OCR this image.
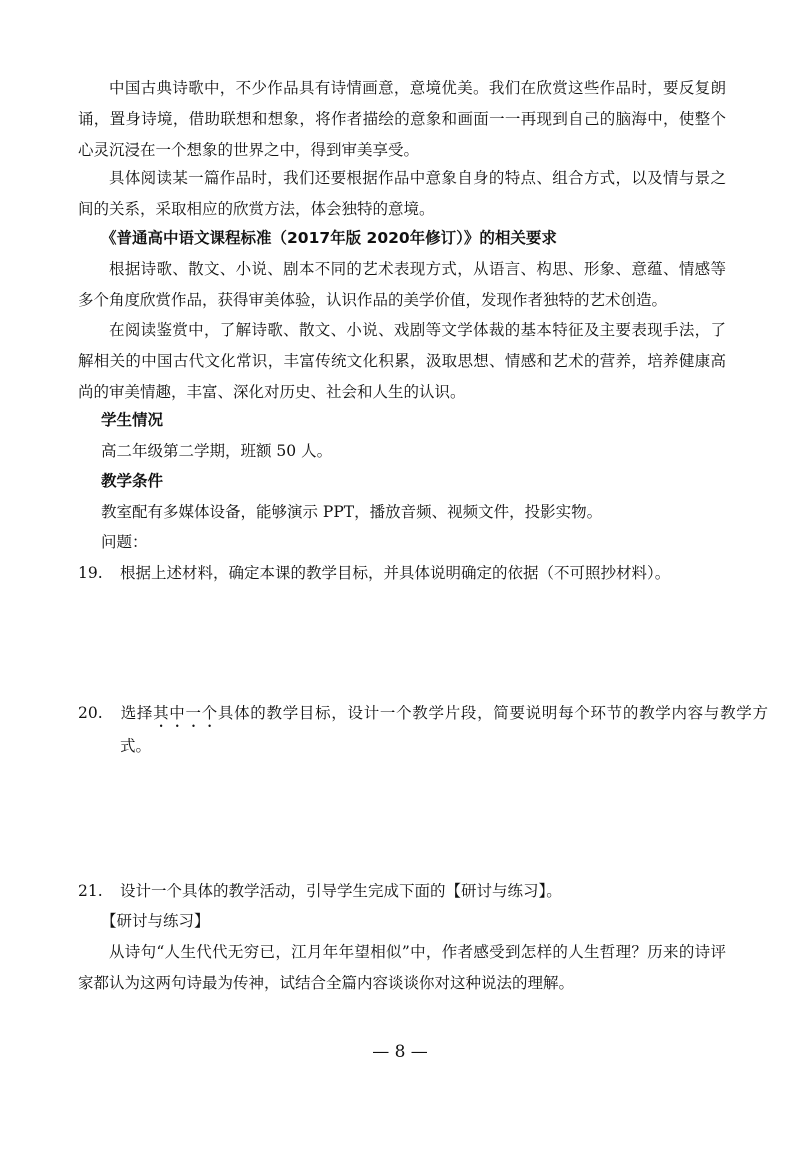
中国古典诗歌中，不少作品具有诗情画意，意境优美。我们在欣赏这些作品时，要反复朗诵，置身诗境，借助联想和想象，将作者描绘的意象和画面一一再现到自己的脑海中，使整个心灵沉浸在一个想象的世界之中，得到审美享受。

具体阅读某一篇作品时，我们还要根据作品中意象自身的特点、组合方式，以及情与景之间的关系，采取相应的欣赏方法，体会独特的意境。

《普通高中语文课程标准（2017年版 2020年修订）》的相关要求

根据诗歌、散文、小说、剧本不同的艺术表现方式，从语言、构思、形象、意蕴、情感等多个角度欣赏作品，获得审美体验，认识作品的美学价值，发现作者独特的艺术创造。

在阅读鉴赏中，了解诗歌、散文、小说、戏剧等文学体裁的基本特征及主要表现手法，了解相关的中国古代文化常识，丰富传统文化积累，汲取思想、情感和艺术的营养，培养健康高尚的审美情趣，丰富、深化对历史、社会和人生的认识。

学生情况

高二年级第二学期，班额 50 人。

教学条件

教室配有多媒体设备，能够演示 PPT，播放音频、视频文件，投影实物。

问题：

19. 根据上述材料，确定本课的教学目标，并具体说明确定的依据（不可照抄材料）。

20. 选择其中一个具体的教学目标，设计一个教学片段，简要说明每个环节的教学内容与教学方式。

21. 设计一个具体的教学活动，引导学生完成下面的【研讨与练习】。

【研讨与练习】

从诗句“人生代代无穷已，江月年年望相似”中，作者感受到怎样的人生哲理？历来的诗评家都认为这两句诗最为传神，试结合全篇内容谈谈你对这种说法的理解。

— 8 —
